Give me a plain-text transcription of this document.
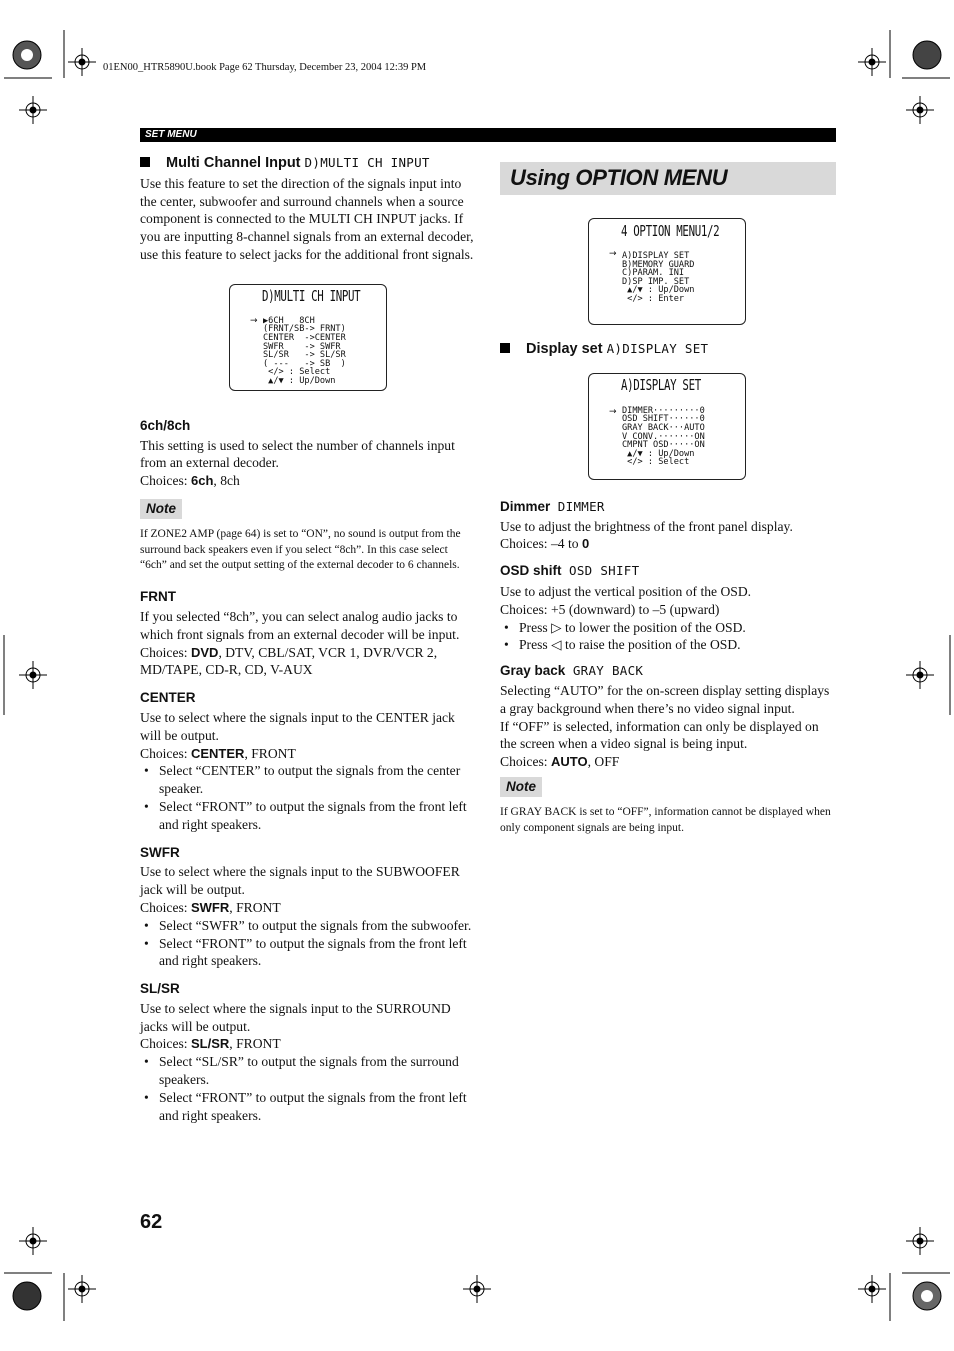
01EN00_HTR5890U.book Page 62 Thursday, December 23, 2004 12:39 PM
SET MENU

Multi Channel Input D)MULTI CH INPUT

Use this feature to set the direction of the signals input into the center, subwoofer and surround channels when a source component is connected to the MULTI CH INPUT jacks. If you are inputting 8-channel signals from an external decoder, use this feature to select jacks for the additional front signals.

D)MULTI CH INPUT
→ ▶6CH   8CH
(FRNT/SB-> FRNT)
CENTER  ->CENTER
SWFR    -> SWFR
SL/SR   -> SL/SR
( ---   -> SB  )
</> : Select
▲/▼ : Up/Down

6ch/8ch

This setting is used to select the number of channels input from an external decoder.

Choices: 6ch, 8ch

Note

If ZONE2 AMP (page 64) is set to “ON”, no sound is output from the surround back speakers even if you select “8ch”. In this case select “6ch” and set the output setting of the external decoder to 6 channels.

FRNT

If you selected “8ch”, you can select analog audio jacks to which front signals from an external decoder will be input.

Choices: DVD, DTV, CBL/SAT, VCR 1, DVR/VCR 2, MD/TAPE, CD-R, CD, V-AUX

CENTER

Use to select where the signals input to the CENTER jack will be output.

Choices: CENTER, FRONT

• Select “CENTER” to output the signals from the center speaker.

• Select “FRONT” to output the signals from the front left and right speakers.

SWFR

Use to select where the signals input to the SUBWOOFER jack will be output.

Choices: SWFR, FRONT

• Select “SWFR” to output the signals from the subwoofer.

• Select “FRONT” to output the signals from the front left and right speakers.

SL/SR

Use to select where the signals input to the SURROUND jacks will be output.

Choices: SL/SR, FRONT

• Select “SL/SR” to output the signals from the surround speakers.

• Select “FRONT” to output the signals from the front left and right speakers.

Using OPTION MENU
4 OPTION MENU1/2
→ A)DISPLAY SET
B)MEMORY GUARD
C)PARAM. INI
D)SP IMP. SET
▲/▼ : Up/Down
</> : Enter

Display set A)DISPLAY SET

A)DISPLAY SET
→ DIMMER·········0
OSD SHIFT······0
GRAY BACK···AUTO
V CONV.·······ON
CMPNT OSD·····ON
▲/▼ : Up/Down
</> : Select

Dimmer DIMMER

Use to adjust the brightness of the front panel display.

Choices: –4 to 0

OSD shift OSD SHIFT

Use to adjust the vertical position of the OSD.

Choices: +5 (downward) to –5 (upward)

• Press ▷ to lower the position of the OSD.

• Press ◁ to raise the position of the OSD.

Gray back GRAY BACK

Selecting “AUTO” for the on-screen display setting displays a gray background when there’s no video signal input.

If “OFF” is selected, information can only be displayed on the screen when a video signal is being input.

Choices: AUTO, OFF

Note

If GRAY BACK is set to “OFF”, information cannot be displayed when only component signals are being input.

62
